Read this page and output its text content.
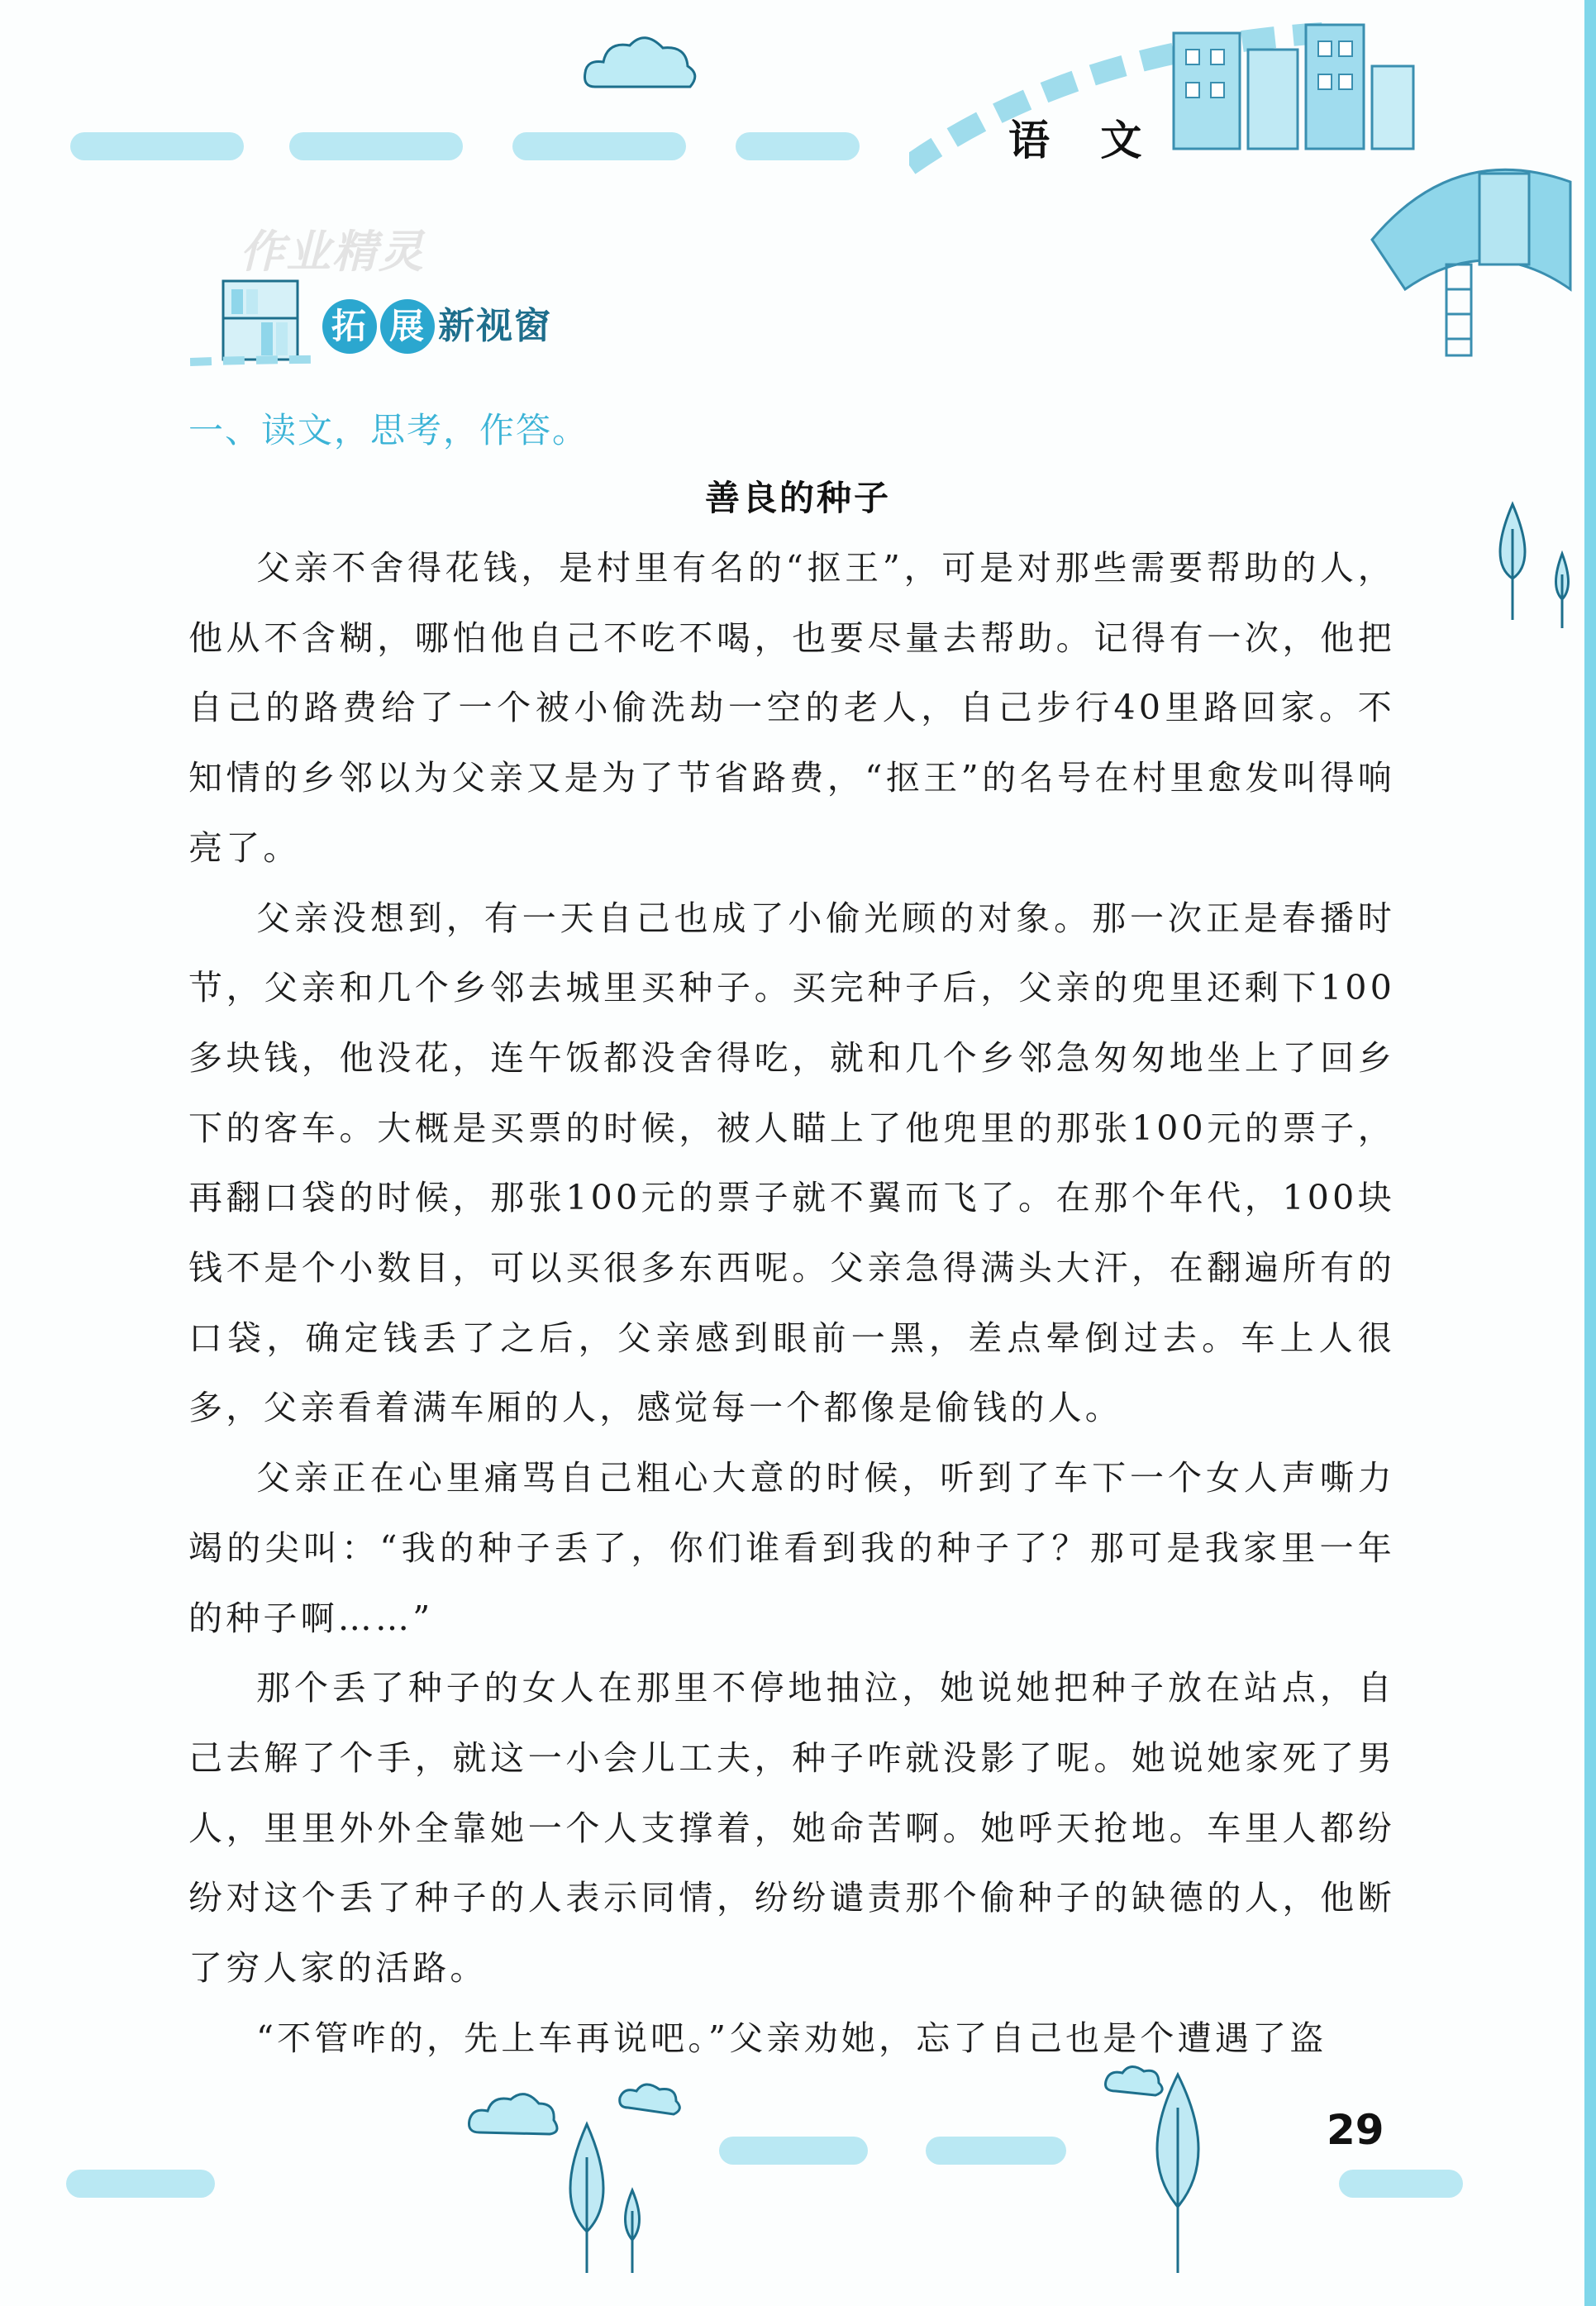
语 文
作业精灵
拓 展 新视窗
一、读文，思考，作答。
善良的种子

父亲不舍得花钱，是村里有名的“抠王”，可是对那些需要帮助的人，他从不含糊，哪怕他自己不吃不喝，也要尽量去帮助。记得有一次，他把自己的路费给了一个被小偷洗劫一空的老人，自己步行40里路回家。不知情的乡邻以为父亲又是为了节省路费，“抠王”的名号在村里愈发叫得响亮了。

父亲没想到，有一天自己也成了小偷光顾的对象。那一次正是春播时节，父亲和几个乡邻去城里买种子。买完种子后，父亲的兜里还剩下100多块钱，他没花，连午饭都没舍得吃，就和几个乡邻急匆匆地坐上了回乡下的客车。大概是买票的时候，被人瞄上了他兜里的那张100元的票子，再翻口袋的时候，那张100元的票子就不翼而飞了。在那个年代，100块钱不是个小数目，可以买很多东西呢。父亲急得满头大汗，在翻遍所有的口袋，确定钱丢了之后，父亲感到眼前一黑，差点晕倒过去。车上人很多，父亲看着满车厢的人，感觉每一个都像是偷钱的人。

父亲正在心里痛骂自己粗心大意的时候，听到了车下一个女人声嘶力竭的尖叫：“我的种子丢了，你们谁看到我的种子了？那可是我家里一年的种子啊……”

那个丢了种子的女人在那里不停地抽泣，她说她把种子放在站点，自己去解了个手，就这一小会儿工夫，种子咋就没影了呢。她说她家死了男人，里里外外全靠她一个人支撑着，她命苦啊。她呼天抢地。车里人都纷纷对这个丢了种子的人表示同情，纷纷谴责那个偷种子的缺德的人，他断了穷人家的活路。

“不管咋的，先上车再说吧。”父亲劝她，忘了自己也是个遭遇了盗

29
